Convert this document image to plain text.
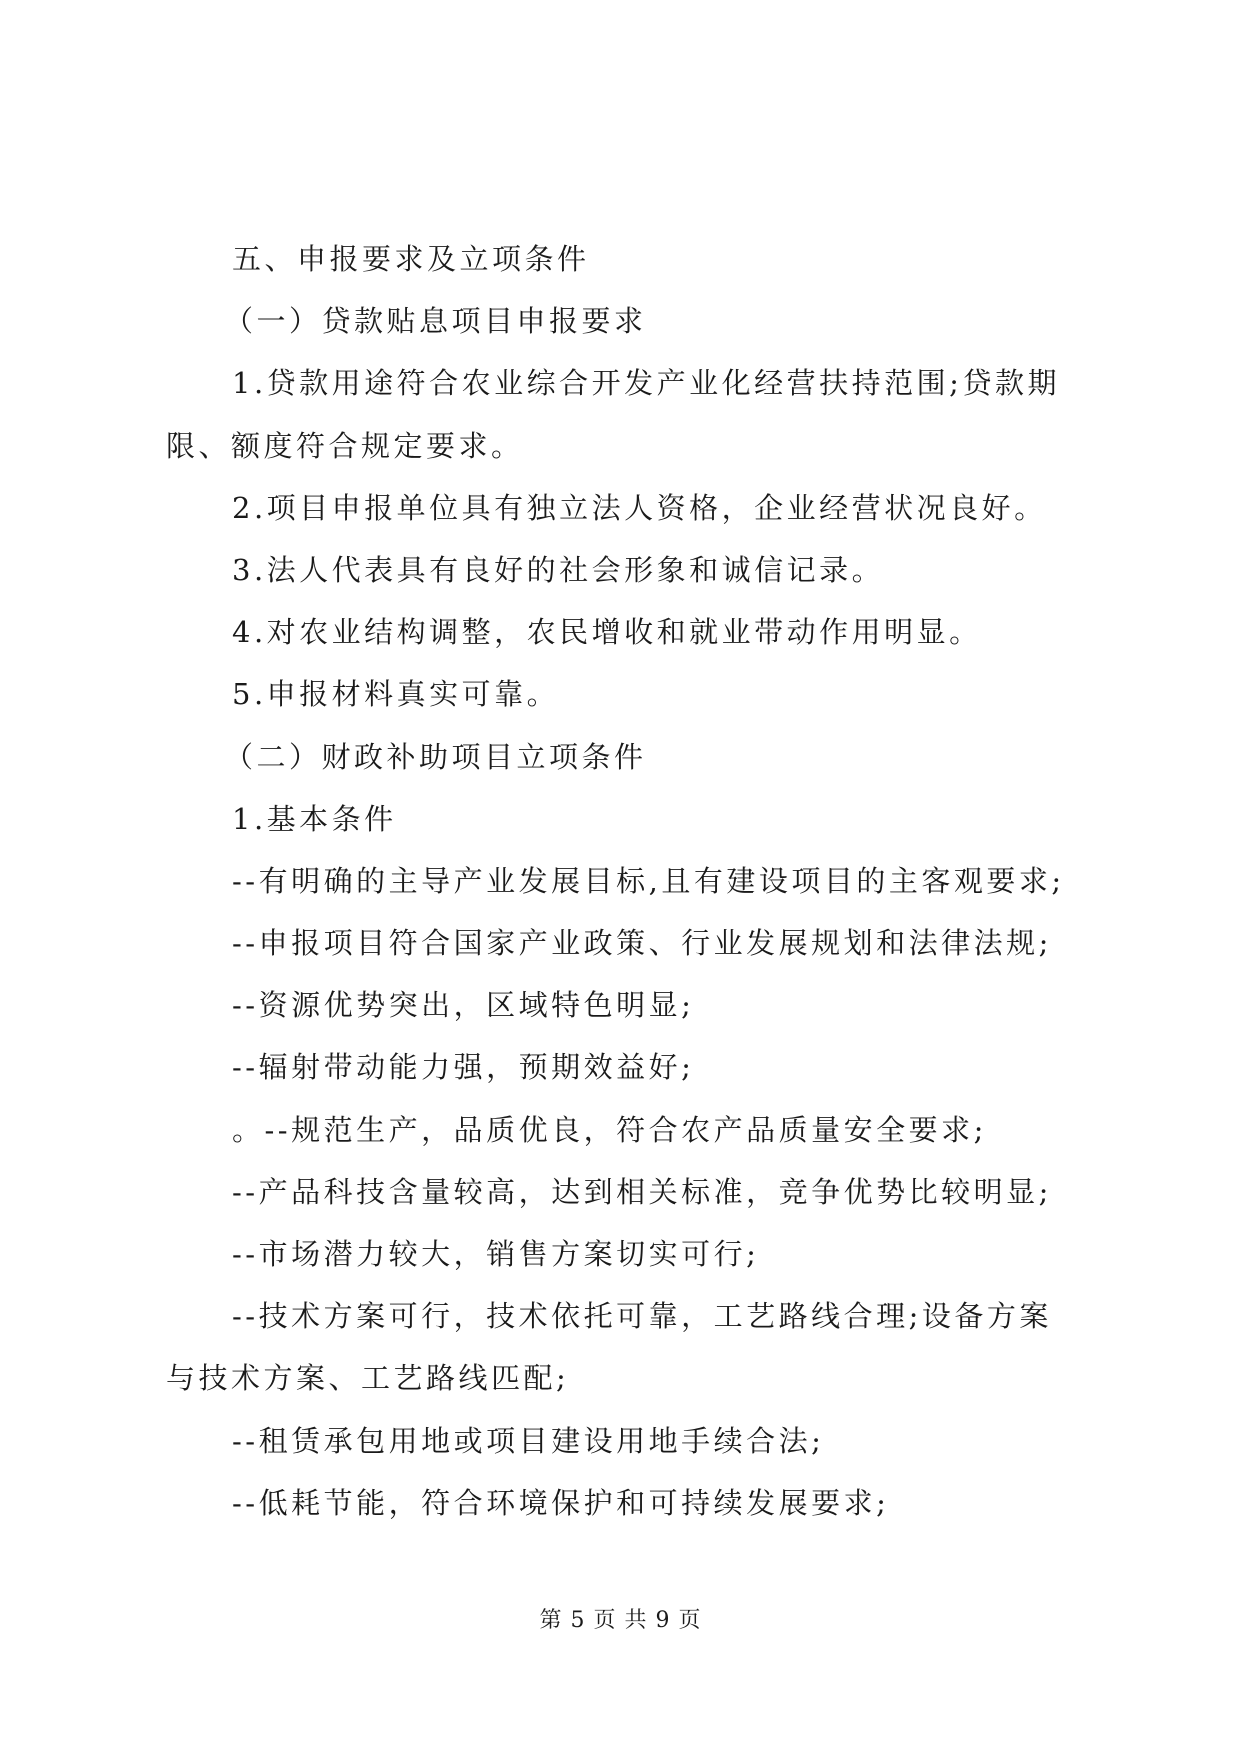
五、申报要求及立项条件
（一）贷款贴息项目申报要求
1.贷款用途符合农业综合开发产业化经营扶持范围;贷款期
限、额度符合规定要求。
2.项目申报单位具有独立法人资格，企业经营状况良好。
3.法人代表具有良好的社会形象和诚信记录。
4.对农业结构调整，农民增收和就业带动作用明显。
5.申报材料真实可靠。
（二）财政补助项目立项条件
1.基本条件
--有明确的主导产业发展目标,且有建设项目的主客观要求;
--申报项目符合国家产业政策、行业发展规划和法律法规;
--资源优势突出，区域特色明显;
--辐射带动能力强，预期效益好;
。--规范生产，品质优良，符合农产品质量安全要求;
--产品科技含量较高，达到相关标准，竞争优势比较明显;
--市场潜力较大，销售方案切实可行;
--技术方案可行，技术依托可靠，工艺路线合理;设备方案
与技术方案、工艺路线匹配;
--租赁承包用地或项目建设用地手续合法;
--低耗节能，符合环境保护和可持续发展要求;
第 5 页 共 9 页
